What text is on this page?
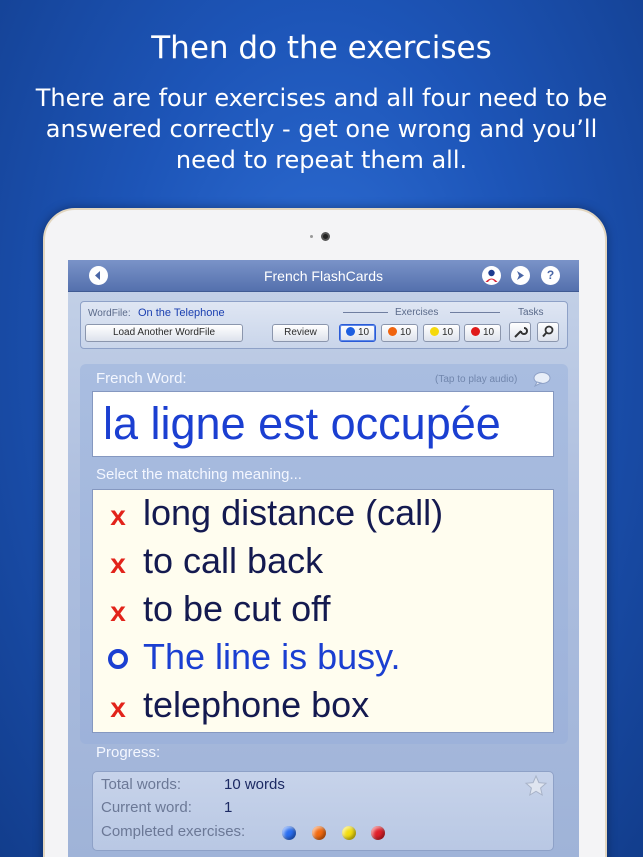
Then do the exercises
There are four exercises and all four need to be answered correctly - get one wrong and you’ll need to repeat them all.
French FlashCards	?
WordFile: On the Telephone
Load Another WordFile	Review
Exercises	Tasks
10	10	10	10
French Word:	(Tap to play audio)
la ligne est occupée
Select the matching meaning...
x long distance (call)
x to call back
x to be cut off
The line is busy.
x telephone box
Progress:
Total words:	10 words
Current word: 1
Completed exercises:
